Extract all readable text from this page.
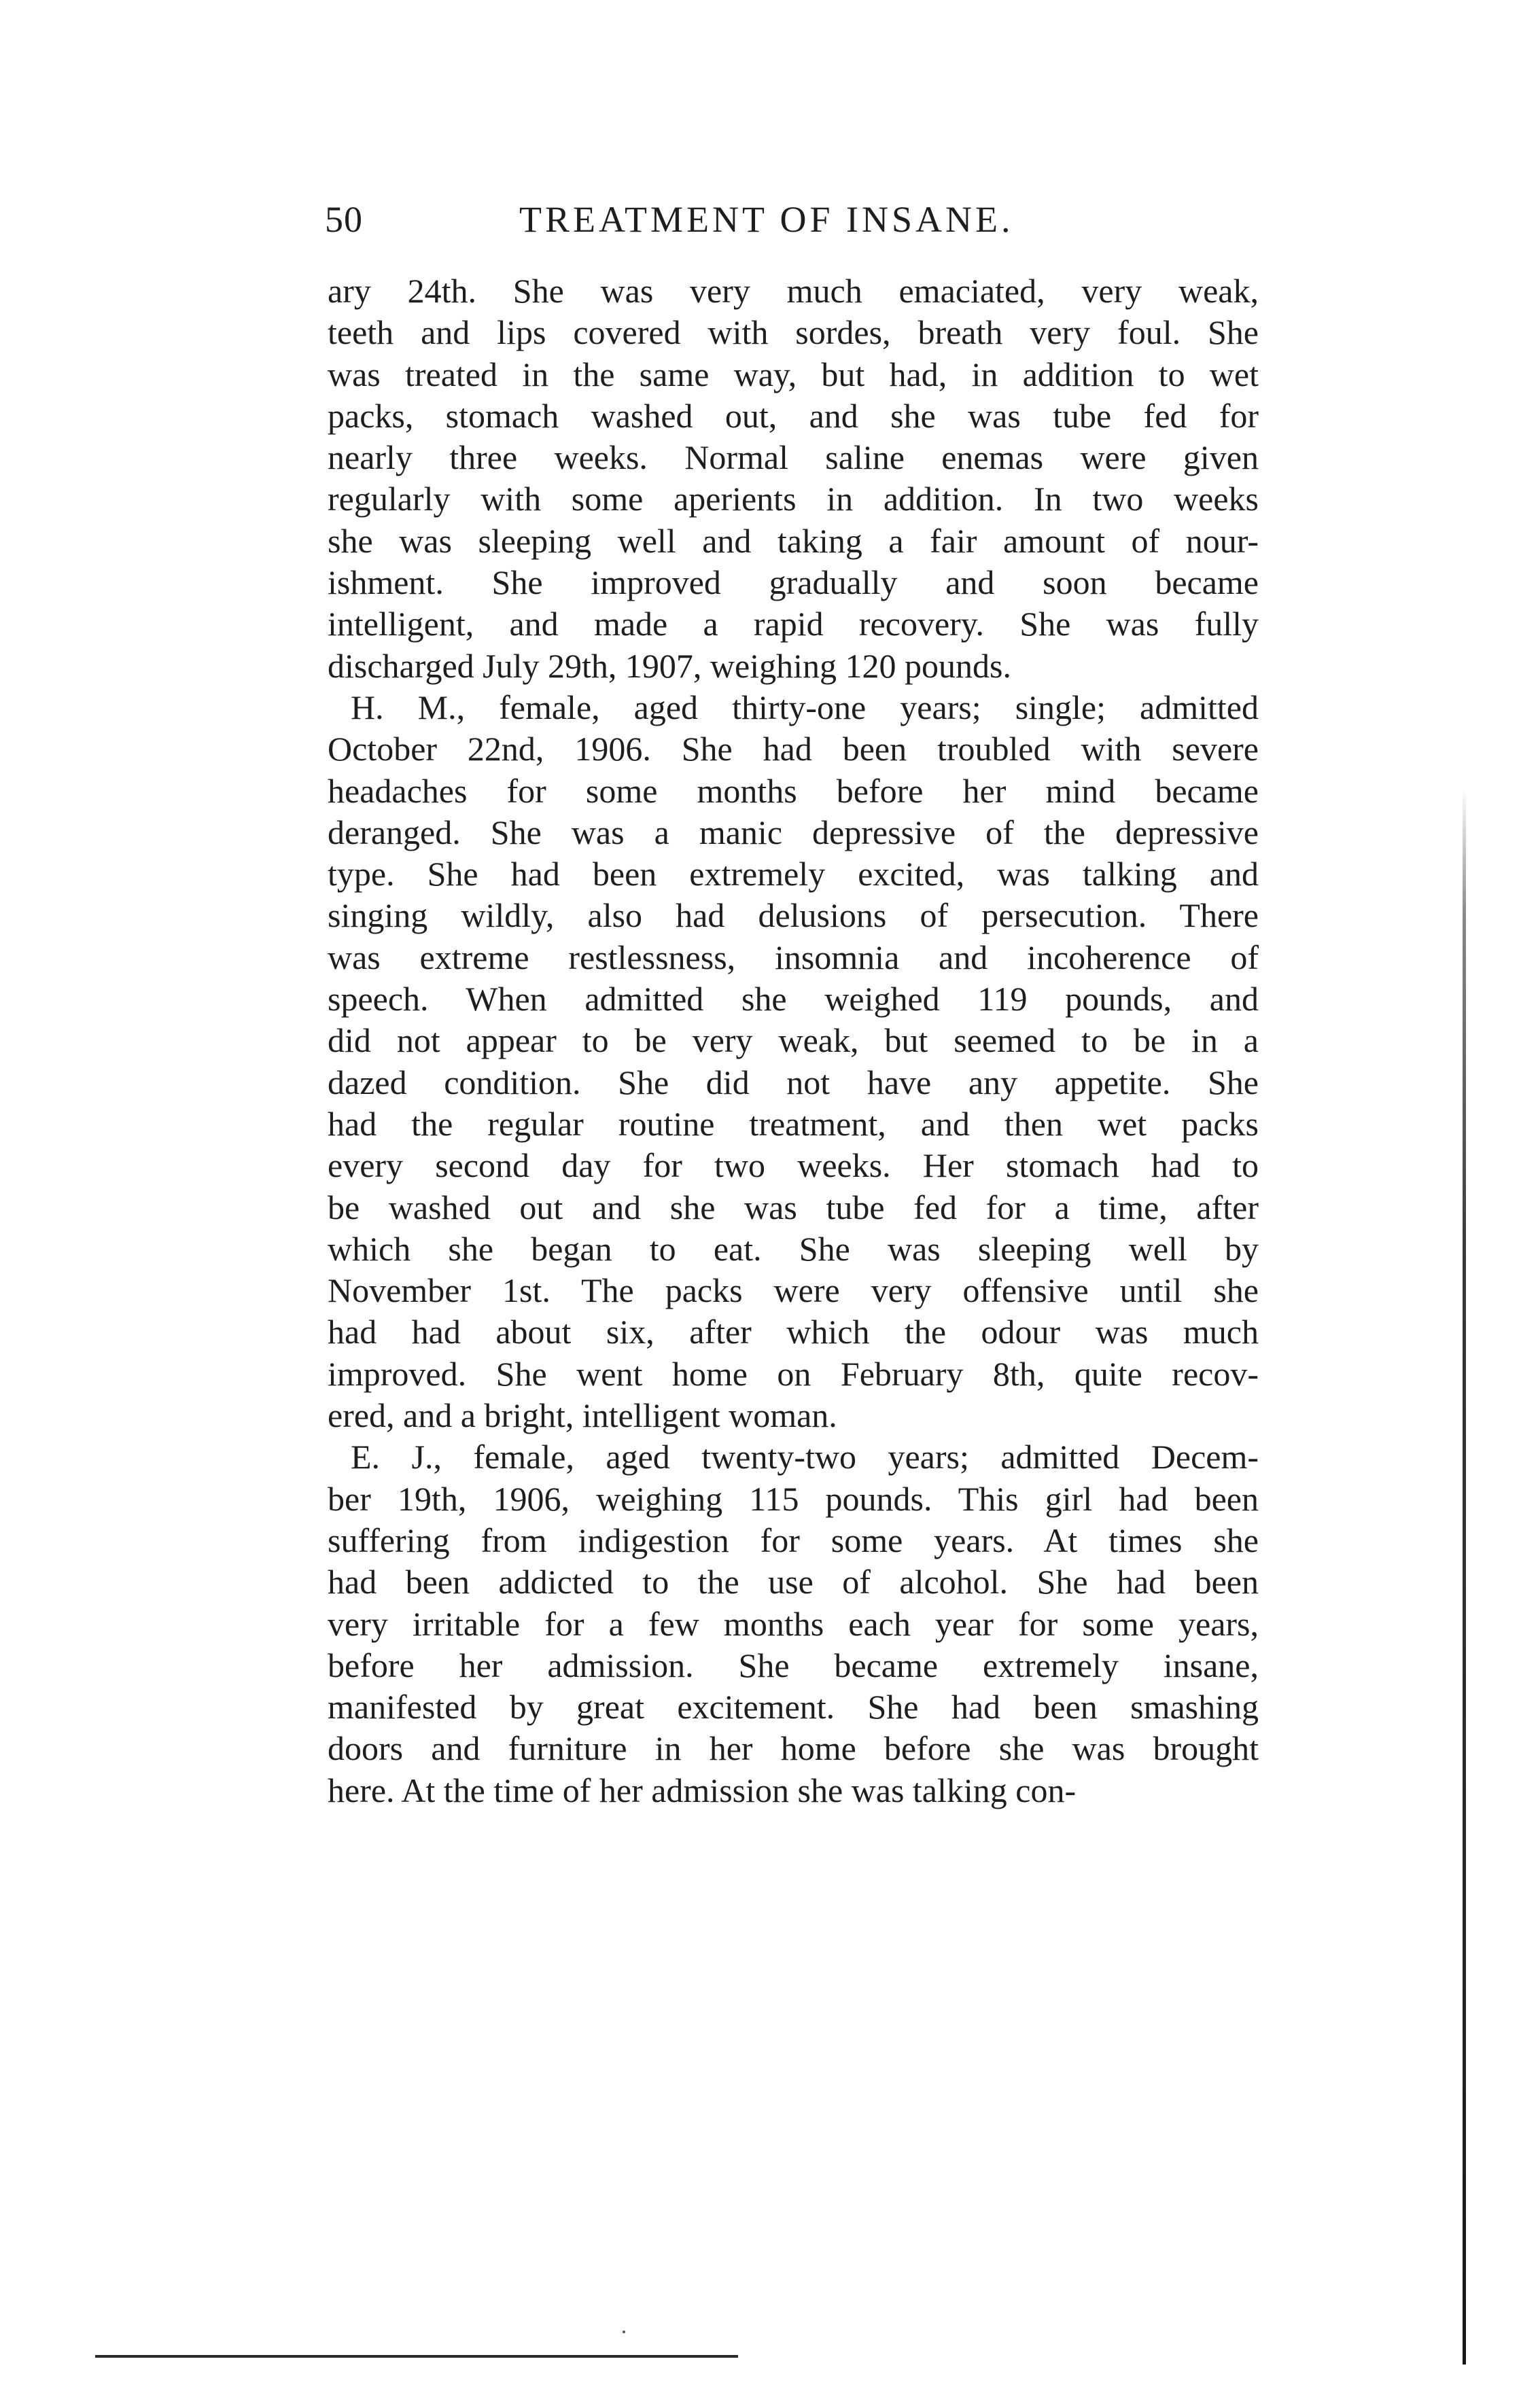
50	TREATMENT OF INSANE.
ary 24th. She was very much emaciated, very weak,
teeth and lips covered with sordes, breath very foul. She
was treated in the same way, but had, in addition to wet
packs, stomach washed out, and she was tube fed for
nearly three weeks. Normal saline enemas were given
regularly with some aperients in addition. In two weeks
she was sleeping well and taking a fair amount of nour-
ishment. She improved gradually and soon became
intelligent, and made a rapid recovery. She was fully
discharged July 29th, 1907, weighing 120 pounds.
H. M., female, aged thirty-one years; single; admitted
October 22nd, 1906. She had been troubled with severe
headaches for some months before her mind became
deranged. She was a manic depressive of the depressive
type. She had been extremely excited, was talking and
singing wildly, also had delusions of persecution. There
was extreme restlessness, insomnia and incoherence of
speech. When admitted she weighed 119 pounds, and
did not appear to be very weak, but seemed to be in a
dazed condition. She did not have any appetite. She
had the regular routine treatment, and then wet packs
every second day for two weeks. Her stomach had to
be washed out and she was tube fed for a time, after
which she began to eat. She was sleeping well by
November 1st. The packs were very offensive until she
had had about six, after which the odour was much
improved. She went home on February 8th, quite recov-
ered, and a bright, intelligent woman.
E. J., female, aged twenty-two years; admitted Decem-
ber 19th, 1906, weighing 115 pounds. This girl had been
suffering from indigestion for some years. At times she
had been addicted to the use of alcohol. She had been
very irritable for a few months each year for some years,
before her admission. She became extremely insane,
manifested by great excitement. She had been smashing
doors and furniture in her home before she was brought
here. At the time of her admission she was talking con-
